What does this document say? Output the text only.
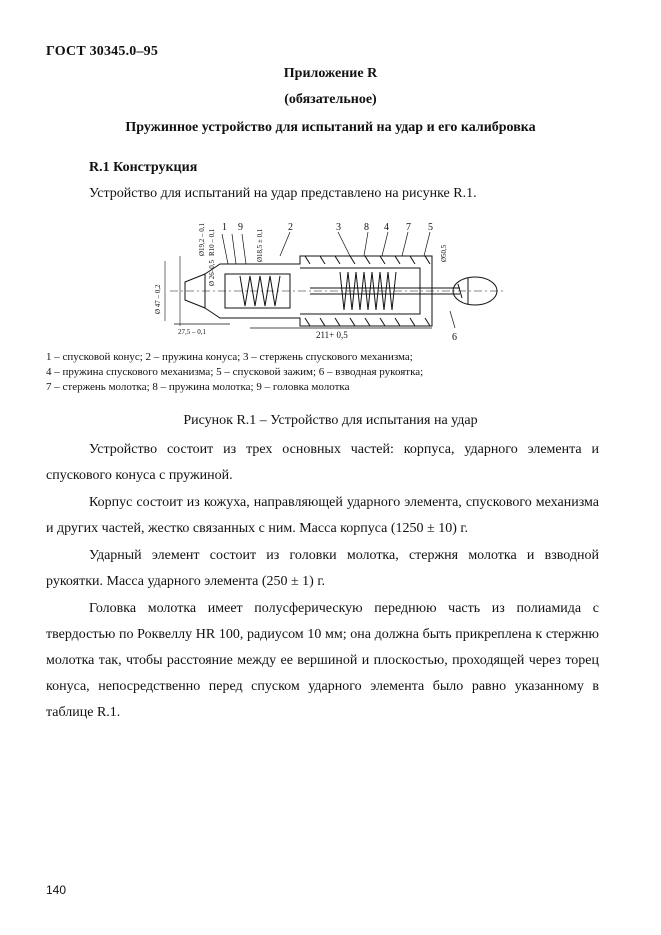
ГОСТ 30345.0–95
Приложение R
(обязательное)
Пружинное устройство для испытаний на удар и его калибровка
R.1 Конструкция
Устройство для испытаний на удар представлено на рисунке R.1.
2
1 9	3 8 4 7 5
6
Ø 26–0,5
Ø19,2 – 0,1 R10 – 0,1	Ø18,5 ± 0,1	Ø50,5
Ø 47 – 0,2
27,5 – 0,1	211+ 0,5
1 – спусковой конус; 2 – пружина конуса; 3 – стержень спускового механизма;
4 – пружина спускового механизма; 5 – спусковой зажим; 6 – взводная рукоятка;
7 – стержень молотка; 8 – пружина молотка; 9 – головка молотка
Рисунок R.1 – Устройство для испытания на удар
Устройство состоит из трех основных частей: корпуса, ударного элемента и спускового конуса с пружиной.
Корпус состоит из кожуха, направляющей ударного элемента, спускового механизма и других частей, жестко связанных с ним. Масса корпуса (1250 ± 10) г.
Ударный элемент состоит из головки молотка, стержня молотка и взводной рукоятки. Масса ударного элемента (250 ± 1) г.
Головка молотка имеет полусферическую переднюю часть из полиамида с твердостью по Роквеллу HR 100, радиусом 10 мм; она должна быть прикреплена к стержню молотка так, чтобы расстояние между ее вершиной и плоскостью, проходящей через торец конуса, непосредственно перед спуском ударного элемента было равно указанному в таблице R.1.
140
